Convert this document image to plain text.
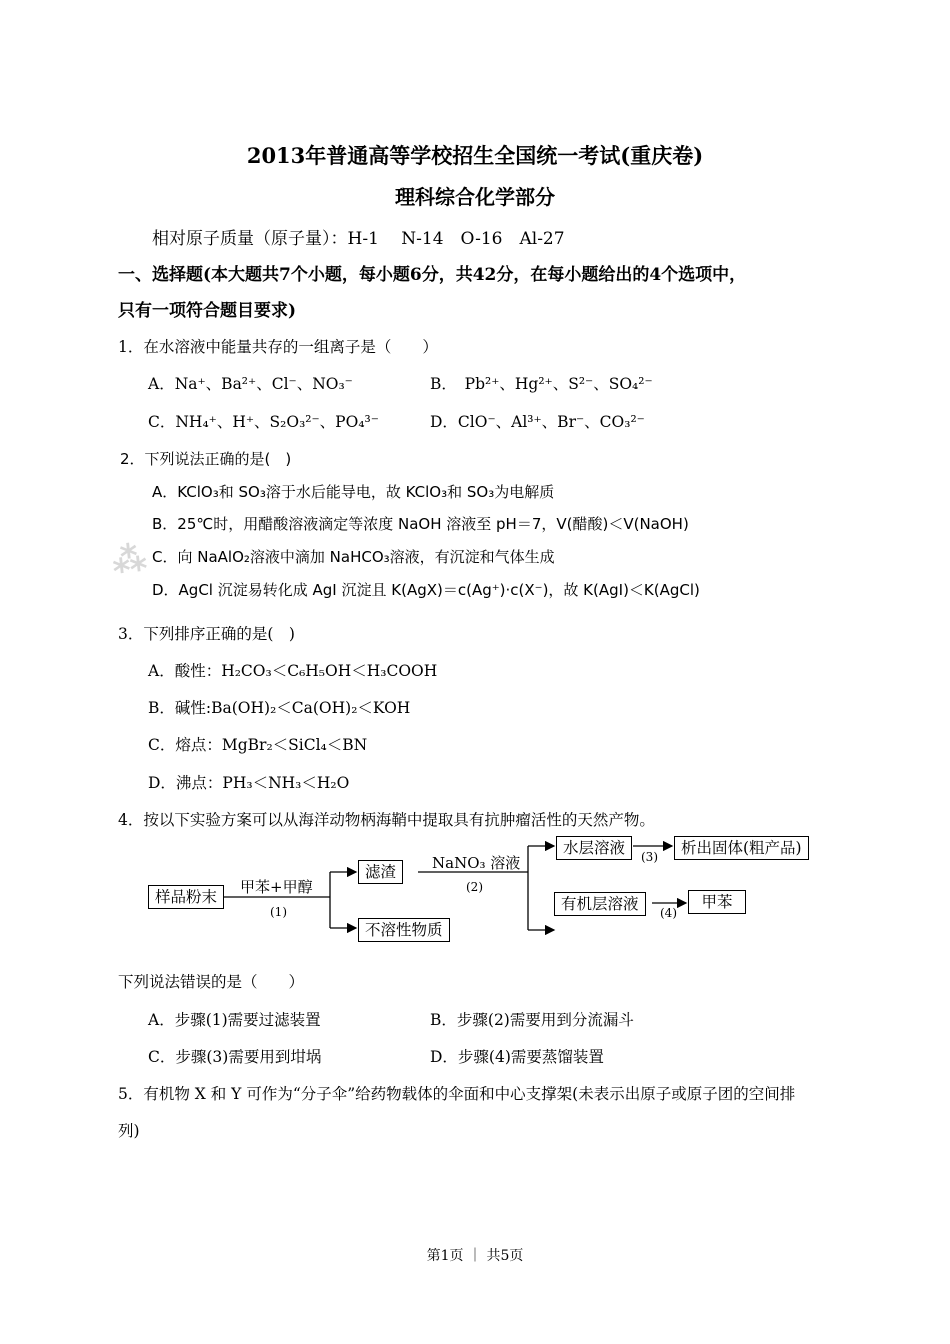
⁂
2013年普通高等学校招生全国统一考试(重庆卷)
理科综合化学部分
相对原子质量（原子量）：H-1　 N-14　O-16　Al-27
一、选择题(本大题共7个小题，每小题6分，共42分，在每小题给出的4个选项中，
只有一项符合题目要求)
1．在水溶液中能量共存的一组离子是（　　）
A．Na⁺、Ba²⁺、Cl⁻、NO₃⁻	B．　Pb²⁺、Hg²⁺、S²⁻、SO₄²⁻
C．NH₄⁺、H⁺、S₂O₃²⁻、PO₄³⁻	D．ClO⁻、Al³⁺、Br⁻、CO₃²⁻
2．下列说法正确的是(　)
A．KClO₃和 SO₃溶于水后能导电，故 KClO₃和 SO₃为电解质
B．25℃时，用醋酸溶液滴定等浓度 NaOH 溶液至 pH＝7，V(醋酸)＜V(NaOH)
C．向 NaAlO₂溶液中滴加 NaHCO₃溶液，有沉淀和气体生成
D．AgCl 沉淀易转化成 AgI 沉淀且 K(AgX)＝c(Ag⁺)·c(X⁻)，故 K(AgI)＜K(AgCl)
3．下列排序正确的是(　)
A．酸性：H₂CO₃＜C₆H₅OH＜H₃COOH
B．碱性:Ba(OH)₂＜Ca(OH)₂＜KOH
C．熔点：MgBr₂＜SiCl₄＜BN
D．沸点：PH₃＜NH₃＜H₂O
4．按以下实验方案可以从海洋动物柄海鞘中提取具有抗肿瘤活性的天然产物。
样品粉末
甲苯+甲醇
(1)
滤渣
不溶性物质
NaNO₃ 溶液
(2)
水层溶液	(3)	析出固体(粗产品)
有机层溶液	(4)
甲苯
下列说法错误的是（　　）
A．步骤(1)需要过滤装置	B．步骤(2)需要用到分流漏斗
C．步骤(3)需要用到坩埚	D．步骤(4)需要蒸馏装置
5．有机物 X 和 Y 可作为“分子伞”给药物载体的伞面和中心支撑架(未表示出原子或原子团的空间排
列)
第1页 ｜ 共5页
